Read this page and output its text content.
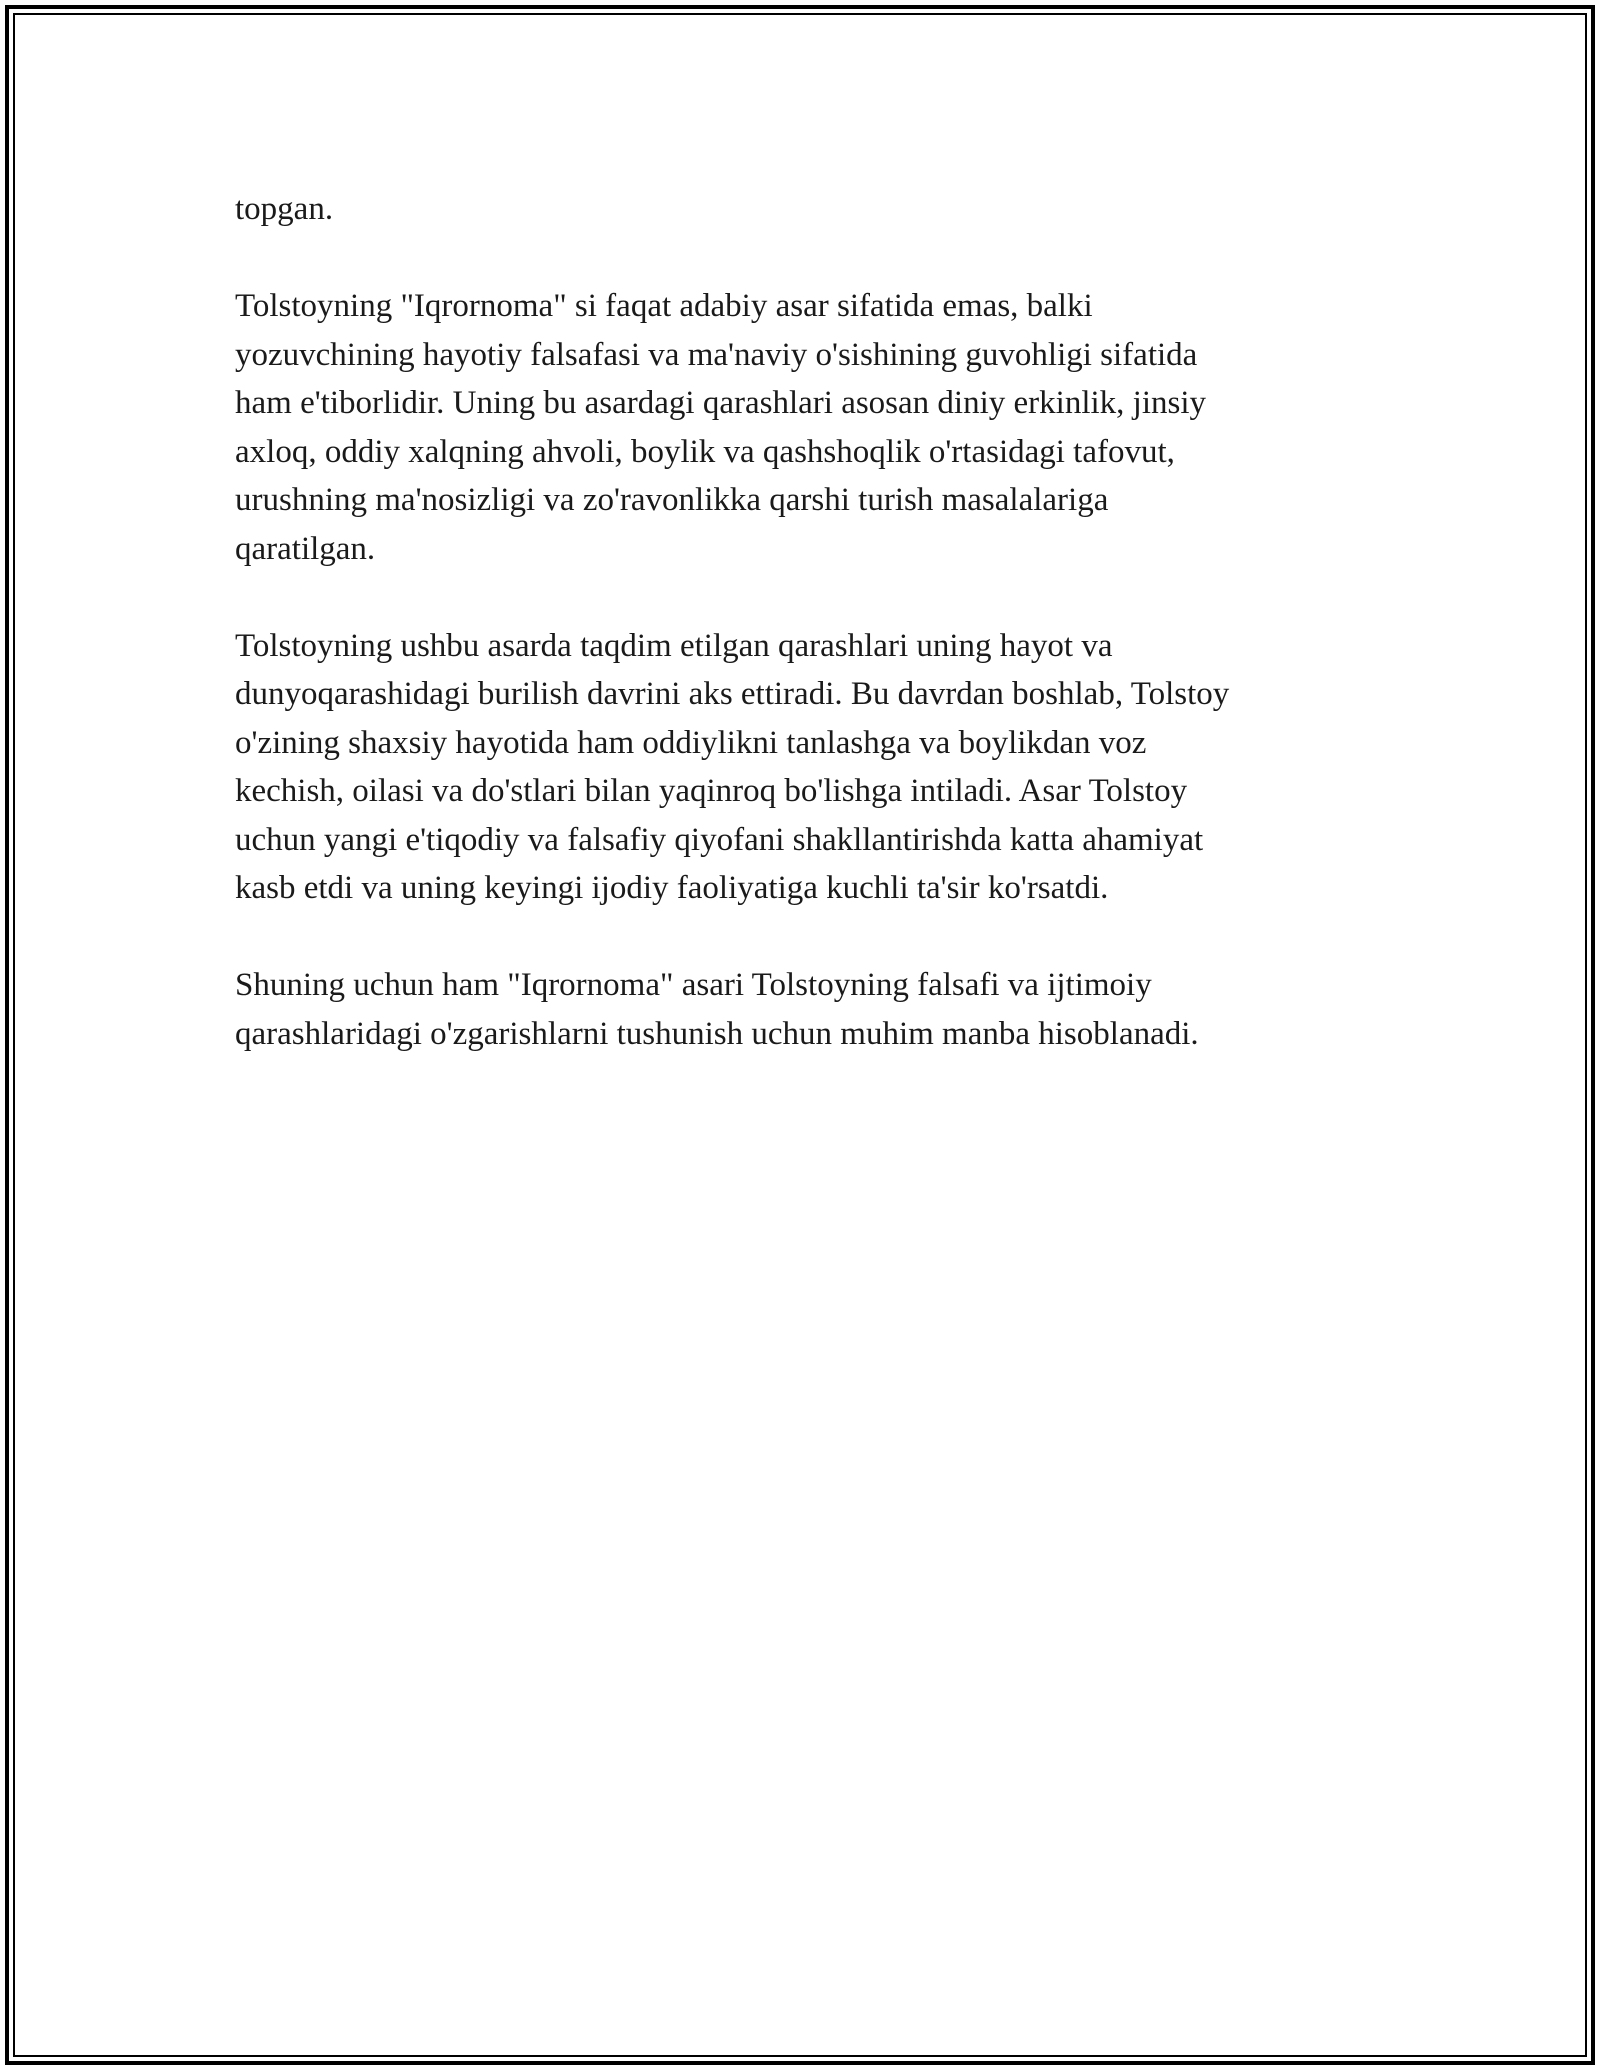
topgan.

Tolstoyning "Iqrornoma" si faqat adabiy asar sifatida emas, balki
yozuvchining hayotiy falsafasi va ma'naviy o'sishining guvohligi sifatida
ham e'tiborlidir. Uning bu asardagi qarashlari asosan diniy erkinlik, jinsiy
axloq, oddiy xalqning ahvoli, boylik va qashshoqlik o'rtasidagi tafovut,
urushning ma'nosizligi va zo'ravonlikka qarshi turish masalalariga
qaratilgan.

Tolstoyning ushbu asarda taqdim etilgan qarashlari uning hayot va
dunyoqarashidagi burilish davrini aks ettiradi. Bu davrdan boshlab, Tolstoy
o'zining shaxsiy hayotida ham oddiylikni tanlashga va boylikdan voz
kechish, oilasi va do'stlari bilan yaqinroq bo'lishga intiladi. Asar Tolstoy
uchun yangi e'tiqodiy va falsafiy qiyofani shakllantirishda katta ahamiyat
kasb etdi va uning keyingi ijodiy faoliyatiga kuchli ta'sir ko'rsatdi.

Shuning uchun ham "Iqrornoma" asari Tolstoyning falsafi va ijtimoiy
qarashlaridagi o'zgarishlarni tushunish uchun muhim manba hisoblanadi.
